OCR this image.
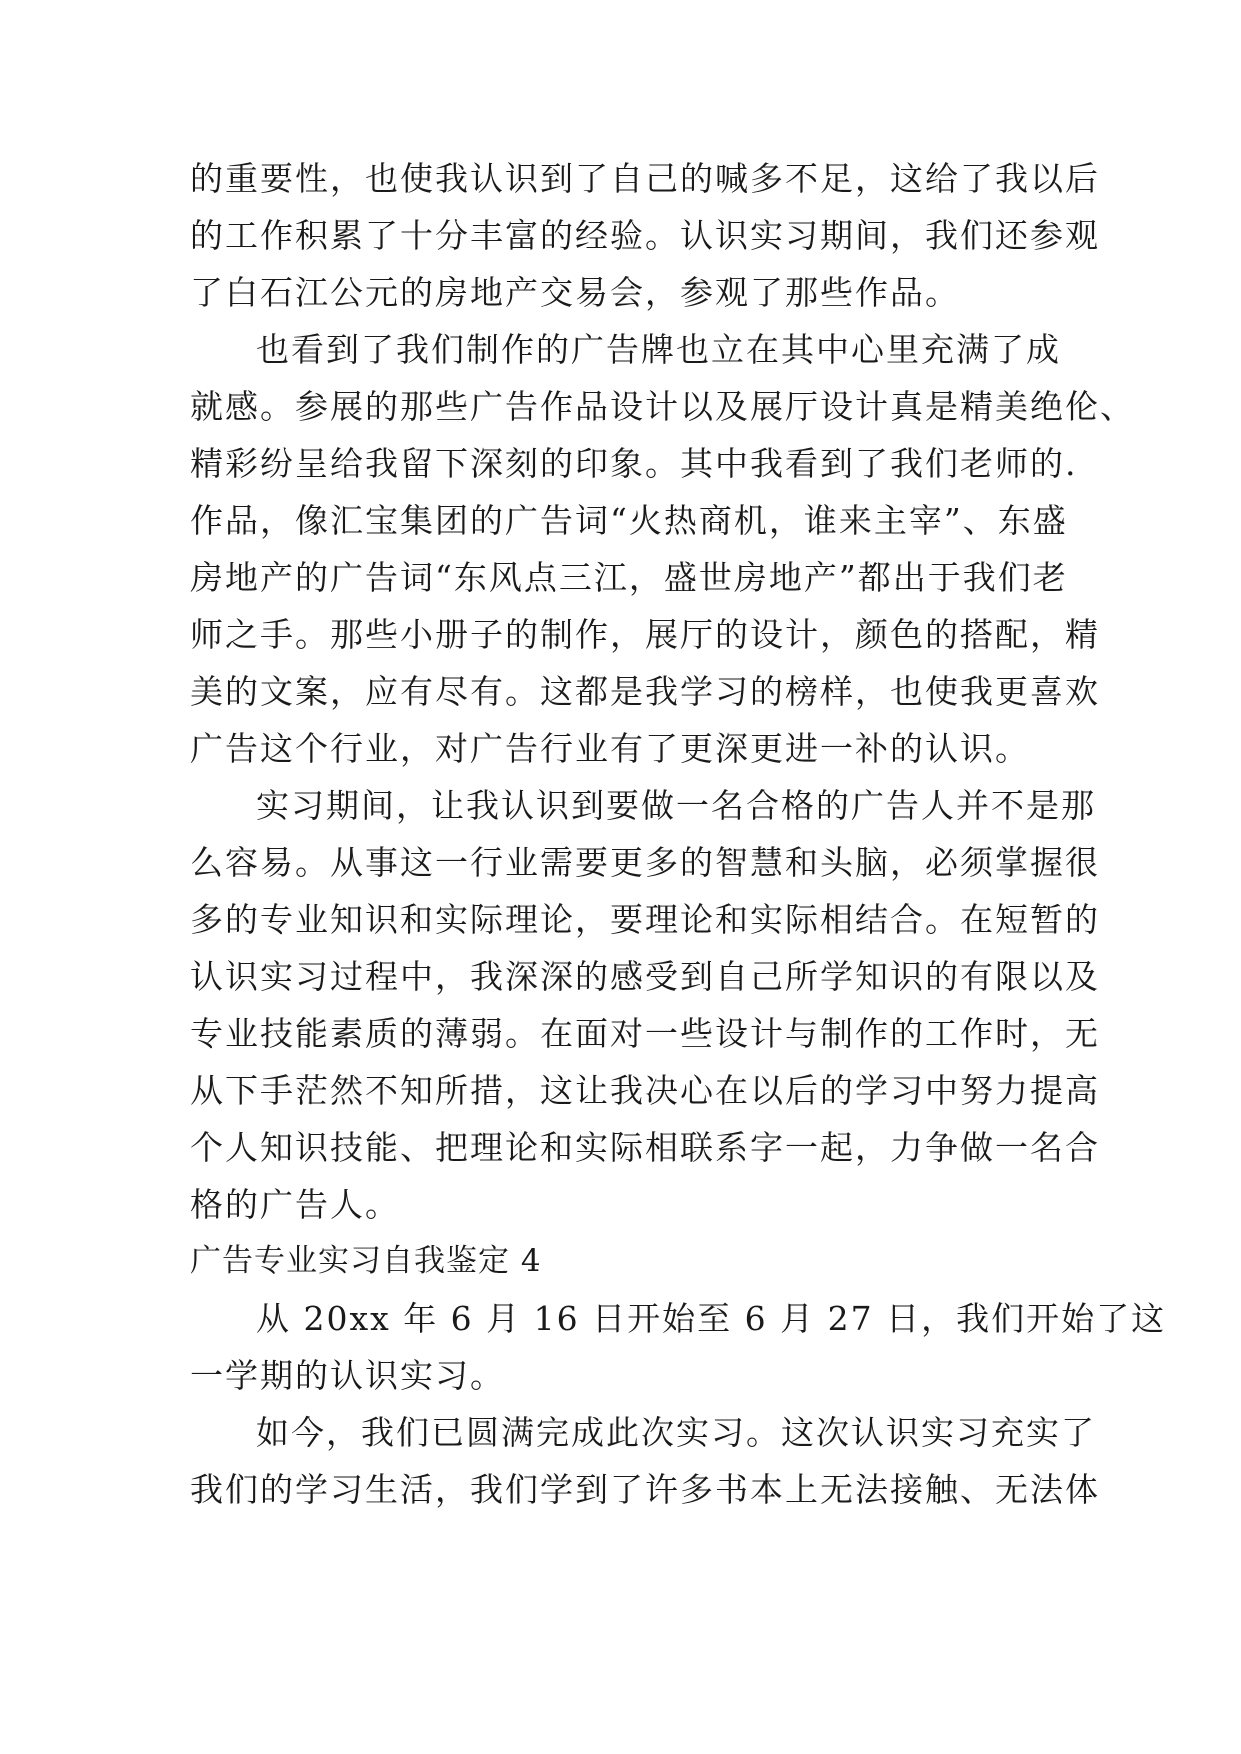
的重要性，也使我认识到了自己的喊多不足，这给了我以后
的工作积累了十分丰富的经验。认识实习期间，我们还参观
了白石江公元的房地产交易会，参观了那些作品。
也看到了我们制作的广告牌也立在其中心里充满了成
就感。参展的那些广告作品设计以及展厅设计真是精美绝伦、
精彩纷呈给我留下深刻的印象。其中我看到了我们老师的.
作品，像汇宝集团的广告词“火热商机，谁来主宰”、东盛
房地产的广告词“东风点三江，盛世房地产”都出于我们老
师之手。那些小册子的制作，展厅的设计，颜色的搭配，精
美的文案，应有尽有。这都是我学习的榜样，也使我更喜欢
广告这个行业，对广告行业有了更深更进一补的认识。
实习期间，让我认识到要做一名合格的广告人并不是那
么容易。从事这一行业需要更多的智慧和头脑，必须掌握很
多的专业知识和实际理论，要理论和实际相结合。在短暂的
认识实习过程中，我深深的感受到自己所学知识的有限以及
专业技能素质的薄弱。在面对一些设计与制作的工作时，无
从下手茫然不知所措，这让我决心在以后的学习中努力提高
个人知识技能、把理论和实际相联系字一起，力争做一名合
格的广告人。
广告专业实习自我鉴定 4
从 20xx 年 6 月 16 日开始至 6 月 27 日，我们开始了这
一学期的认识实习。
如今，我们已圆满完成此次实习。这次认识实习充实了
我们的学习生活，我们学到了许多书本上无法接触、无法体
